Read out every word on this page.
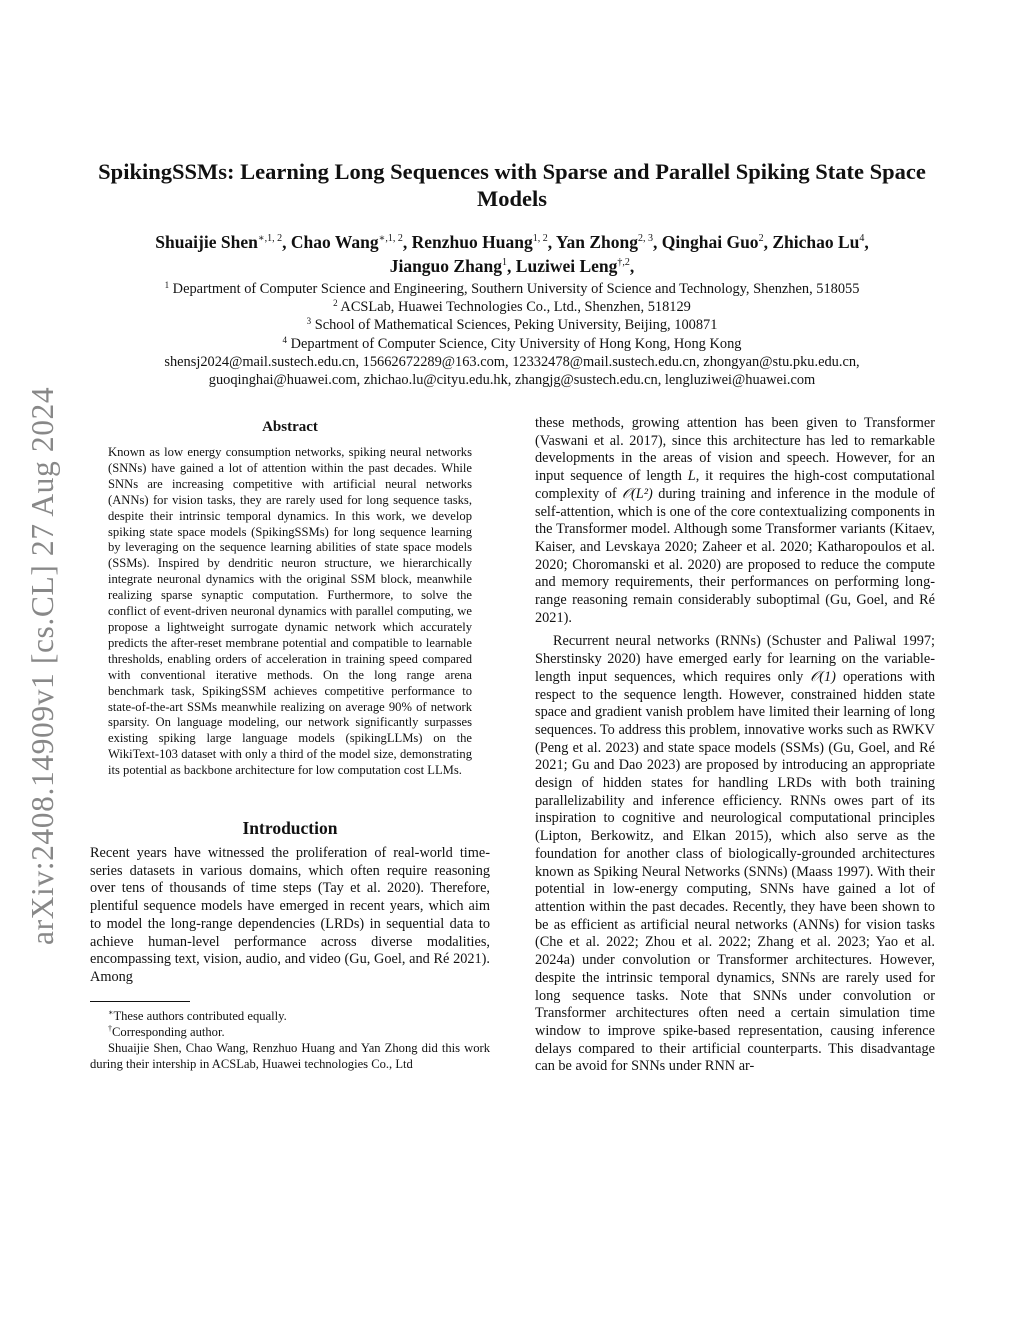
arXiv:2408.14909v1 [cs.CL] 27 Aug 2024
SpikingSSMs: Learning Long Sequences with Sparse and Parallel Spiking State Space Models
Shuaijie Shen$^{∗,1, 2}$, Chao Wang$^{∗,1, 2}$, Renzhuo Huang$^{1, 2}$, Yan Zhong$^{2, 3}$, Qinghai Guo$^2$, Zhichao Lu$^4$,
Jianguo Zhang$^1$, Luziwei Leng$^{\dagger,2}$,
$^1$ Department of Computer Science and Engineering, Southern University of Science and Technology, Shenzhen, 518055
$^2$ ACSLab, Huawei Technologies Co., Ltd., Shenzhen, 518129
$^3$ School of Mathematical Sciences, Peking University, Beijing, 100871
$^4$ Department of Computer Science, City University of Hong Kong, Hong Kong
shensj2024@mail.sustech.edu.cn, 15662672289@163.com, 12332478@mail.sustech.edu.cn, zhongyan@stu.pku.edu.cn,
guoqinghai@huawei.com, zhichao.lu@cityu.edu.hk, zhangjg@sustech.edu.cn, lengluziwei@huawei.com
Abstract

Known as low energy consumption networks, spiking neural networks (SNNs) have gained a lot of attention within the past decades. While SNNs are increasing competitive with artificial neural networks (ANNs) for vision tasks, they are rarely used for long sequence tasks, despite their intrinsic temporal dynamics. In this work, we develop spiking state space models (SpikingSSMs) for long sequence learning by leveraging on the sequence learning abilities of state space models (SSMs). Inspired by dendritic neuron structure, we hierarchically integrate neuronal dynamics with the original SSM block, meanwhile realizing sparse synaptic computation. Furthermore, to solve the conflict of event-driven neuronal dynamics with parallel computing, we propose a lightweight surrogate dynamic network which accurately predicts the after-reset membrane potential and compatible to learnable thresholds, enabling orders of acceleration in training speed compared with conventional iterative methods. On the long range arena benchmark task, SpikingSSM achieves competitive performance to state-of-the-art SSMs meanwhile realizing on average 90% of network sparsity. On language modeling, our network significantly surpasses existing spiking large language models (spikingLLMs) on the WikiText-103 dataset with only a third of the model size, demonstrating its potential as backbone architecture for low computation cost LLMs.

Introduction

Recent years have witnessed the proliferation of real-world time-series datasets in various domains, which often require reasoning over tens of thousands of time steps (Tay et al. 2020). Therefore, plentiful sequence models have emerged in recent years, which aim to model the long-range dependencies (LRDs) in sequential data to achieve human-level performance across diverse modalities, encompassing text, vision, audio, and video (Gu, Goel, and Ré 2021). Among

∗These authors contributed equally.

†Corresponding author.

Shuaijie Shen, Chao Wang, Renzhuo Huang and Yan Zhong did this work during their intership in ACSLab, Huawei technologies Co., Ltd

these methods, growing attention has been given to Transformer (Vaswani et al. 2017), since this architecture has led to remarkable developments in the areas of vision and speech. However, for an input sequence of length L, it requires the high-cost computational complexity of 𝒪(L²) during training and inference in the module of self-attention, which is one of the core contextualizing components in the Transformer model. Although some Transformer variants (Kitaev, Kaiser, and Levskaya 2020; Zaheer et al. 2020; Katharopoulos et al. 2020; Choromanski et al. 2020) are proposed to reduce the compute and memory requirements, their performances on performing long-range reasoning remain considerably suboptimal (Gu, Goel, and Ré 2021).

Recurrent neural networks (RNNs) (Schuster and Paliwal 1997; Sherstinsky 2020) have emerged early for learning on the variable-length input sequences, which requires only 𝒪(1) operations with respect to the sequence length. However, constrained hidden state space and gradient vanish problem have limited their learning of long sequences. To address this problem, innovative works such as RWKV (Peng et al. 2023) and state space models (SSMs) (Gu, Goel, and Ré 2021; Gu and Dao 2023) are proposed by introducing an appropriate design of hidden states for handling LRDs with both training parallelizability and inference efficiency. RNNs owes part of its inspiration to cognitive and neurological computational principles (Lipton, Berkowitz, and Elkan 2015), which also serve as the foundation for another class of biologically-grounded architectures known as Spiking Neural Networks (SNNs) (Maass 1997). With their potential in low-energy computing, SNNs have gained a lot of attention within the past decades. Recently, they have been shown to be as efficient as artificial neural networks (ANNs) for vision tasks (Che et al. 2022; Zhou et al. 2022; Zhang et al. 2023; Yao et al. 2024a) under convolution or Transformer architectures. However, despite the intrinsic temporal dynamics, SNNs are rarely used for long sequence tasks. Note that SNNs under convolution or Transformer architectures often need a certain simulation time window to improve spike-based representation, causing inference delays compared to their artificial counterparts. This disadvantage can be avoid for SNNs under RNN ar-
